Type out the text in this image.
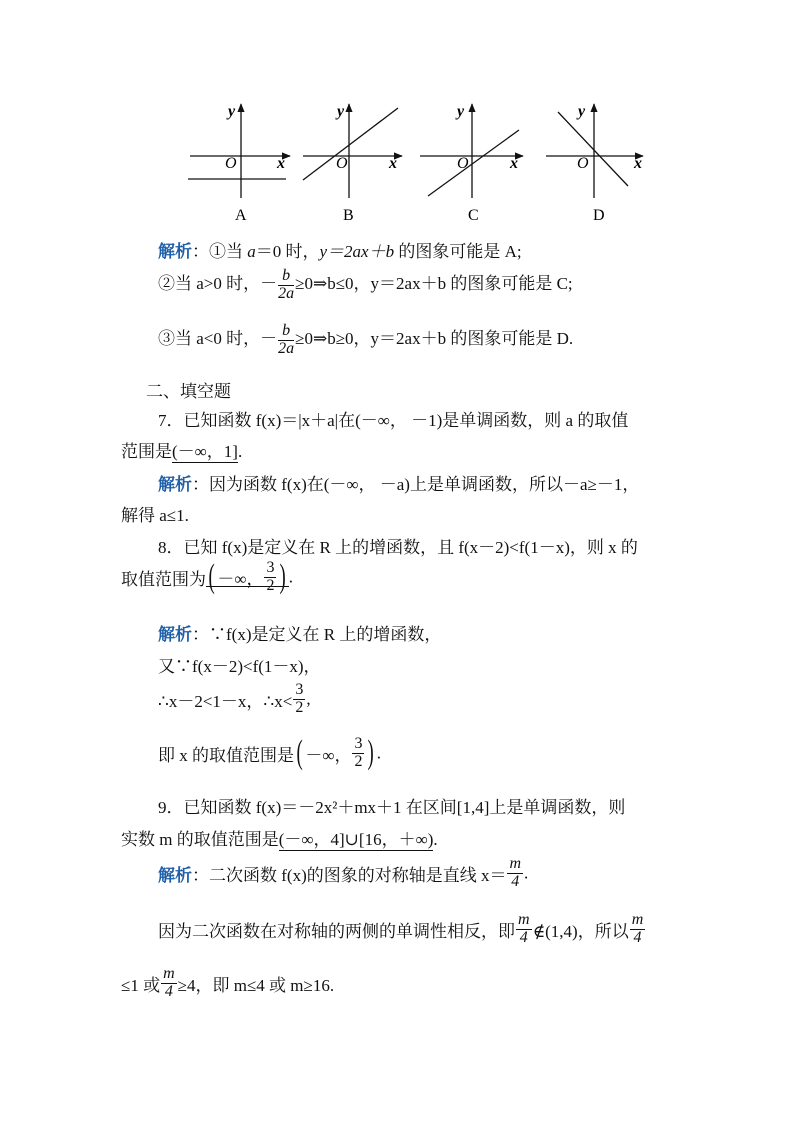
y
x
O
A
y
x
O
B
y
x
O
C
y
x
O
D
解析：①当 a＝0 时，y＝2ax＋b 的图象可能是 A;
②当 a>0 时，－ $\frac{b}{2a}$ ≥0⇒b≤0，y＝2ax＋b 的图象可能是 C;
③当 a<0 时，－ $\frac{b}{2a}$ ≥0⇒b≥0，y＝2ax＋b 的图象可能是 D.
二、填空题
7．已知函数 f(x)＝|x＋a|在(－∞， －1)是单调函数，则 a 的取值
范围是(－∞，1].
解析：因为函数 f(x)在(－∞， －a)上是单调函数，所以－a≥－1，
解得 a≤1.
8．已知 f(x)是定义在 R 上的增函数，且 f(x－2)<f(1－x)，则 x 的
取值范围为( －∞， $\frac{3}{2}$ ) .
解析：∵f(x)是定义在 R 上的增函数，
又∵f(x－2)<f(1－x)，
∴x－2<1－x，∴x< $\frac{3}{2}$ ,
即 x 的取值范围是( －∞， $\frac{3}{2}$ ) .
9．已知函数 f(x)＝－2x²＋mx＋1 在区间[1,4]上是单调函数，则
实数 m 的取值范围是(－∞，4]∪[16，＋∞).
解析：二次函数 f(x)的图象的对称轴是直线 $x= \frac{m}{4}$ .
因为二次函数在对称轴的两侧的单调性相反，即 $\frac{m}{4}$ ∉(1,4)，所以 $\frac{m}{4}$
≤1 或 $\frac{m}{4} \ge 4$，即 m≤4 或 m≥16.
